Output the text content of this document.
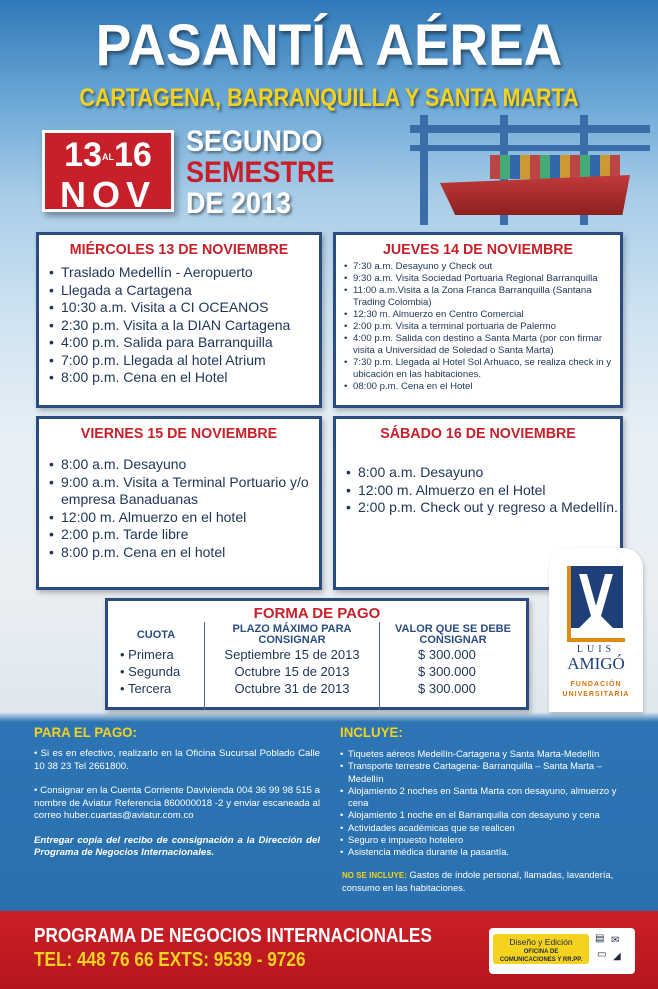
PASANTÍA AÉREA
CARTAGENA, BARRANQUILLA Y SANTA MARTA
13AL16
NOV
SEGUNDO
SEMESTRE
DE 2013
MIÉRCOLES 13 DE NOVIEMBRE
• Traslado Medellín - Aeropuerto
• Llegada a Cartagena
• 10:30 a.m. Visita a CI OCEANOS
• 2:30 p.m. Visita a la DIAN Cartagena
• 4:00 p.m. Salida para Barranquilla
• 7:00 p.m. Llegada al hotel Atrium
• 8:00 p.m. Cena en el Hotel
JUEVES 14 DE NOVIEMBRE
• 7:30 a.m. Desayuno y Check out
• 9:30 a.m. Visita Sociedad Portuaria Regional Barranquilla
• 11:00 a.m.Visita a la Zona Franca Barranquilla (Santana Trading Colombia)
• 12:30 m. Almuerzo en Centro Comercial
• 2:00 p.m. Visita a terminal portuaria de Palermo
• 4:00 p.m. Salida con destino a Santa Marta (por con firmar visita a Universidad de Soledad o Santa Marta)
• 7:30 p.m. Llegada al Hotel Sol Arhuaco, se realiza check in y ubicación en las habitaciones.
• 08:00 p.m. Cena en el Hotel
VIERNES 15 DE NOVIEMBRE
• 8:00 a.m. Desayuno
• 9:00 a.m. Visita a Terminal Portuario y/o empresa Banaduanas
• 12:00 m. Almuerzo en el hotel
• 2:00 p.m. Tarde libre
• 8:00 p.m. Cena en el hotel
SÁBADO 16 DE NOVIEMBRE
• 8:00 a.m. Desayuno
• 12:00 m. Almuerzo en el Hotel
• 2:00 p.m. Check out y regreso a Medellín.
FORMA DE PAGO
CUOTA
• Primera
• Segunda
• Tercera
PLAZO MÁXIMO PARA CONSIGNAR
Septiembre 15 de 2013
Octubre 15 de 2013
Octubre 31 de 2013
VALOR QUE SE DEBE CONSIGNAR
$ 300.000
$ 300.000
$ 300.000
LUIS
AMIGÓ
FUNDACIÓN
UNIVERSITARIA
PARA EL PAGO:

• Si es en efectivo, realizarlo en la Oficina Sucursal Poblado Calle 10 38 23 Tel 2661800.

• Consignar en la Cuenta Corriente Davivienda 004 36 99 98 515 a nombre de Aviatur Referencia 860000018 -2 y enviar escaneada al correo huber.cuartas@aviatur.com.co

Entregar copia del recibo de consignación a la Dirección del Programa de Negocios Internacionales.

INCLUYE:
• Tiquetes aéreos Medellín-Cartagena y Santa Marta-Medellín
• Transporte terrestre Cartagena- Barranquilla – Santa Marta – Medellín
• Alojamiento 2 noches en Santa Marta con desayuno, almuerzo y cena
• Alojamiento 1 noche en el Barranquilla con desayuno y cena
• Actividades académicas que se realicen
• Seguro e impuesto hotelero
• Asistencia médica durante la pasantía.
NO SE INCLUYE: Gastos de índole personal, llamadas, lavandería, consumo en las habitaciones.
PROGRAMA DE NEGOCIOS INTERNACIONALES
TEL: 448 76 66 EXTS: 9539 - 9726
Diseño y Edición
OFICINA DE
COMUNICACIONES Y RR.PP.
▤ ✉
▭ ◢
